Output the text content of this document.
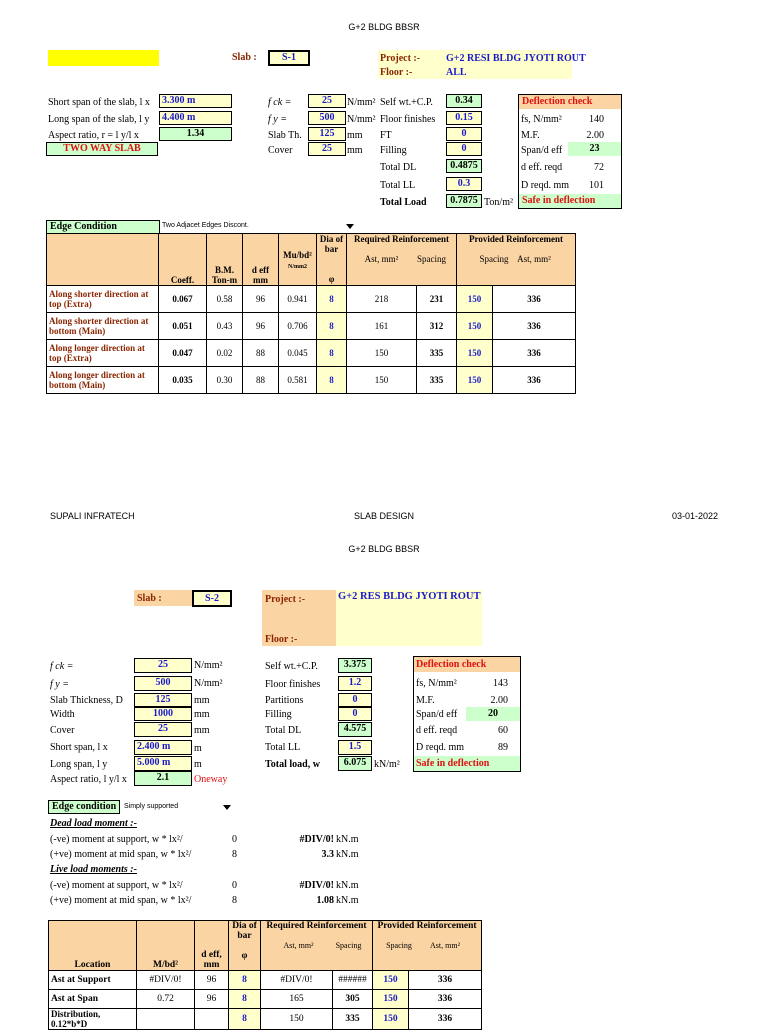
G+2 BLDG BBSR
Slab :	S-1	Project :-	G+2 RESI BLDG JYOTI ROUT
Floor :-	ALL
Short span of the slab, l x	3.300 m
Long span of the slab, l y	4.400 m
Aspect ratio, r = l y/l x	1.34
TWO WAY SLAB
f ck =	25	N/mm²
f y =	500	N/mm²
Slab Th.	125	mm
Cover	25	mm
Self wt.+C.P.	0.34
Floor finishes	0.15
FT	0
Filling	0
Total DL	0.4875
Total LL	0.3
Total Load	0.7875 Ton/m²
Deflection check
fs, N/mm²	140
M.F.	2.00
Span/d eff	23
d eff. reqd	72
D reqd. mm	101
Safe in deflection
Edge Condition	Two Adjacet Edges Discont.
	Coeff.	B.M. Ton-m	d eff mm	Mu/bd²
N/mm2	Dia of bar

φ	Required Reinforcement

Ast, mm² Spacing		Provided Reinforcement

Spacing Ast, mm²	
Along shorter direction at top (Extra)	0.067	0.58	96	0.941	8	218	231	150	336
Along shorter direction at bottom (Main)	0.051	0.43	96	0.706	8	161	312	150	336
Along longer direction at top (Extra)	0.047	0.02	88	0.045	8	150	335	150	336
Along longer direction at bottom (Main)	0.035	0.30	88	0.581	8	150	335	150	336
SUPALI INFRATECH	SLAB DESIGN	03-01-2022
G+2 BLDG BBSR
Slab :	S-2	Project :-	G+2 RES BLDG JYOTI ROUT
Floor :-
f ck =	25	N/mm²
f y =	500	N/mm²
Slab Thickness, D	125	mm
Width	1000	mm
Cover	25	mm
Short span, l x	2.400 m	m
Long span, l y	5.000 m	m
Aspect ratio, l y/l x	2.1	Oneway
Self wt.+C.P.	3.375
Floor finishes	1.2
Partitions	0
Filling	0
Total DL	4.575
Total LL	1.5
Total load, w	6.075 kN/m²
Deflection check
fs, N/mm²	143
M.F.	2.00
Span/d eff	20
d eff. reqd	60
D reqd. mm	89
Safe in deflection
Edge condition	Simply supported
Dead load moment :-
(-ve) moment at support, w * lx²/	0	#DIV/0! kN.m
(+ve) moment at mid span, w * lx²/	8	3.3 kN.m
Live load moments :-
(-ve) moment at support, w * lx²/	0	#DIV/0! kN.m
(+ve) moment at mid span, w * lx²/	8	1.08 kN.m
Location	M/bd²	d eff, mm	Dia of bar

φ	Required Reinforcement

Ast, mm² Spacing		Provided Reinforcement

Spacing Ast, mm²	
Ast at Support	#DIV/0!	96	8	#DIV/0!	######	150	336
Ast at Span	0.72	96	8	165	305	150	336
Distribution, 0.12*b*D			8	150	335	150	336
